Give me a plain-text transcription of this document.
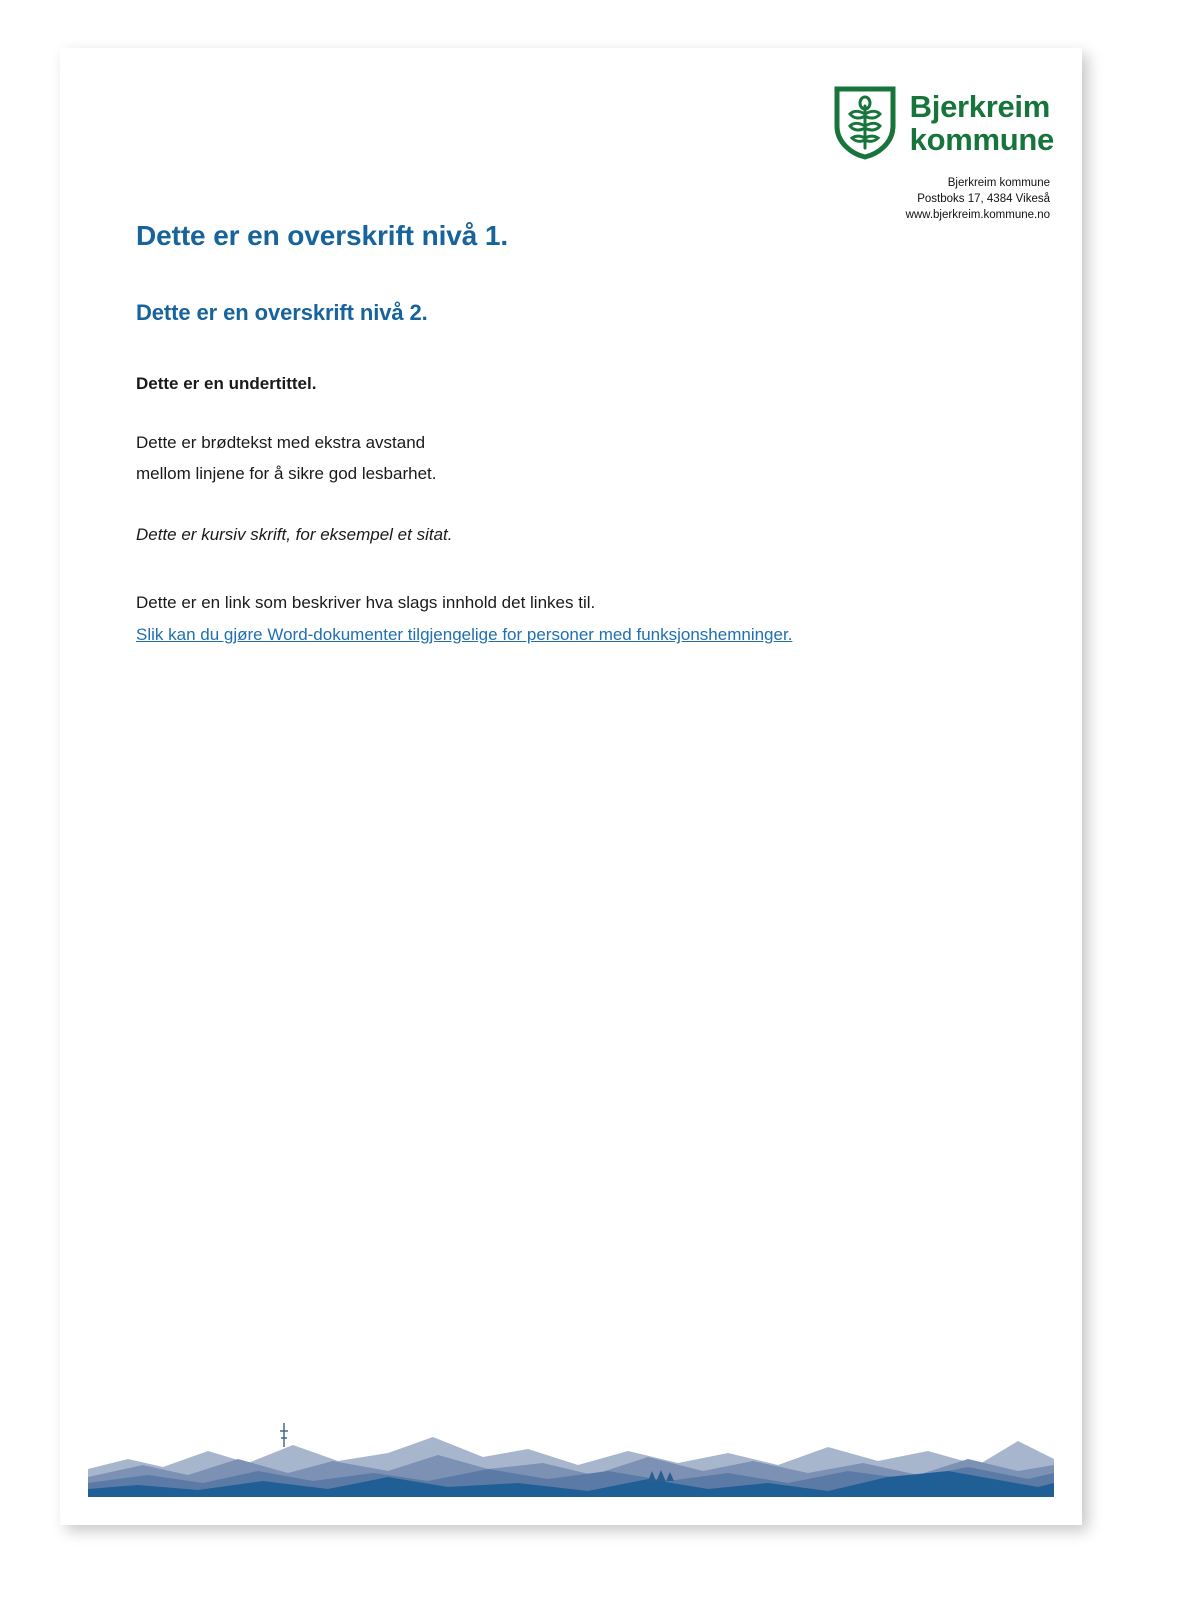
Bjerkreim
kommune
Bjerkreim kommune
Postboks 17, 4384 Vikeså
www.bjerkreim.kommune.no
Dette er en overskrift nivå 1.
Dette er en overskrift nivå 2.

Dette er en undertittel.

Dette er brødtekst med ekstra avstand
mellom linjene for å sikre god lesbarhet.

Dette er kursiv skrift, for eksempel et sitat.

Dette er en link som beskriver hva slags innhold det linkes til.

Slik kan du gjøre Word-dokumenter tilgjengelige for personer med funksjonshemninger.
